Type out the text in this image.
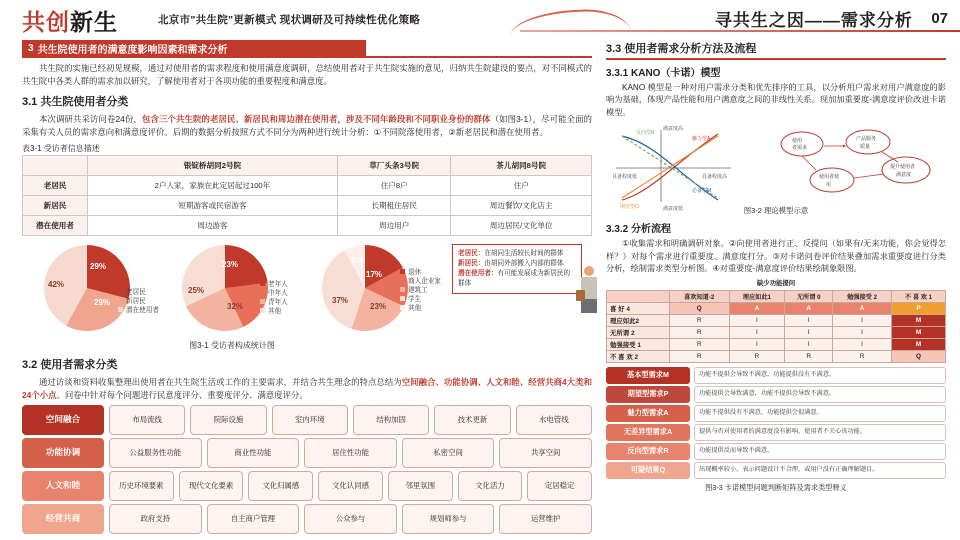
共创新生	北京市"共生院"更新模式 现状调研及可持续性优化策略	寻共生之因——需求分析 07
3 共生院使用者的满意度影响因素和需求分析

共生院的实施已经初见规模，通过对使用者的需求程度和使用满意度调研，总结使用者对于共生院实施的意见，归纳共生院建设的要点，对不同模式的共生院中各类人群的需求加以研究，了解使用者对于各项功能的重要程度和满意度。

3.1 共生院使用者分类

本次调研共采访问卷24份，包含三个共生院的老居民、新居民和周边潜在使用者，涉及不同年龄段和不同职业身份的群体（如图3-1），尽可能全面的采集有关人员的需求意向和满意度评价。后期的数据分析按照方式不同分为两种进行统计分析：①不同院落使用者，②新老居民和潜在使用者。

表3-1 受访者信息描述
	银锭桥胡同2号院	草厂头条3号院	茶儿胡同8号院
老居民	2户人家，家族在此定居起过100年	住户8户	住户
新居民	短期游客或民宿游客	长期租住居民	周边餐饮/文化店主
潜在使用者	周边游客	周边用户	周边居民/文化单位
42%
29%
29%
老居民
新居民
潜在使用者
23%
25%
32%
老年人
中年人
青年人
其他
8%
17%
37%
23%
退休
商人企业家
建筑工
学生
其他
老居民：在胡同生活较长时间的群体
新居民：由胡同外部搬入内部的群体
潜在使用者：有可能发展成为新居民的群体
图3-1 受访者构成统计图
3.2 使用者需求分类

通过访谈和资料收集整理出使用者在共生院生活或工作的主要需求，并结合共生理念的特点总结为空间融合、功能协调、人文和睦、经营共商4大类和24个小点。问卷中针对每个问题进行民意度评分、重要度评分、满意度评分。

空间融合	布局流线	院际设施	室内环境	结构加固	技术更新	水电管线
功能协调	公益服务性功能	商业性功能	居住性功能	私密空间	共享空间
人文和睦	历史环境要素	现代文化要素	文化归属感	文化认同感	邻里氛围	文化活力	定居稳定
经营共商	政府支持	自主商户管理	公众参与	规划师参与	运营维护
3.3 使用者需求分析方法及流程
3.3.1 KANO（卡诺）模型

KANO 模型是一种对用户需求分类和优先排序的工具，以分析用户需求对用户满意度的影响为基础，体现产品性能和用户满意度之间的非线性关系。现加加重要度-满意度评价改进卡诺模型。

满意度高
满意度低
具备程度低	具备程度高
魅力型A
必备型M
反向型R
期望型O
使用
者需求
产品服务
质量
提升使用者
满意度
使用者使
用
图3-2 理论模型示意
3.3.2 分析流程

①收集需求和明确调研对象。②向使用者进行正、反提问（如果有/无来功能，你会觉得怎样？）对每个需求进行重要度、满意度打分。③对卡诺问卷评价结果叠加需求重要度进行分类分析，绘制需求类型分析图。④对重要度-满意度评价结果绘制象限图。

缺少功能提问
	喜欢知道-2	理应如此1	无所谓 0	勉强接受 2	不 喜 欢 1
喜 好 4	Q	A	A	A	P
理应如此2	R	I	I	I	M
无所谓 2	R	I	I	I	M
勉强接受 1	R	I	I	I	M
不 喜 欢 2	R	R	R	R	Q
基本型需求M	功能不提供会导致不满意，功能提供没有不满意。
期望型需求P	功能提供会导致满意，功能不提供会导致不满意。
魅力型需求A	功能不提供没有不满意，功能提供会很满意。
无差异型需求A	提供与否对使用者的满意度没有影响，使用者不关心该功能。
反向型需求R	功能提供反而导致不满意。
可疑结果Q	出现概率较小，表示问题设计不合理，或用户没有正确理解题目。
图3-3 卡诺模型问题判断矩阵及需求类型释义
